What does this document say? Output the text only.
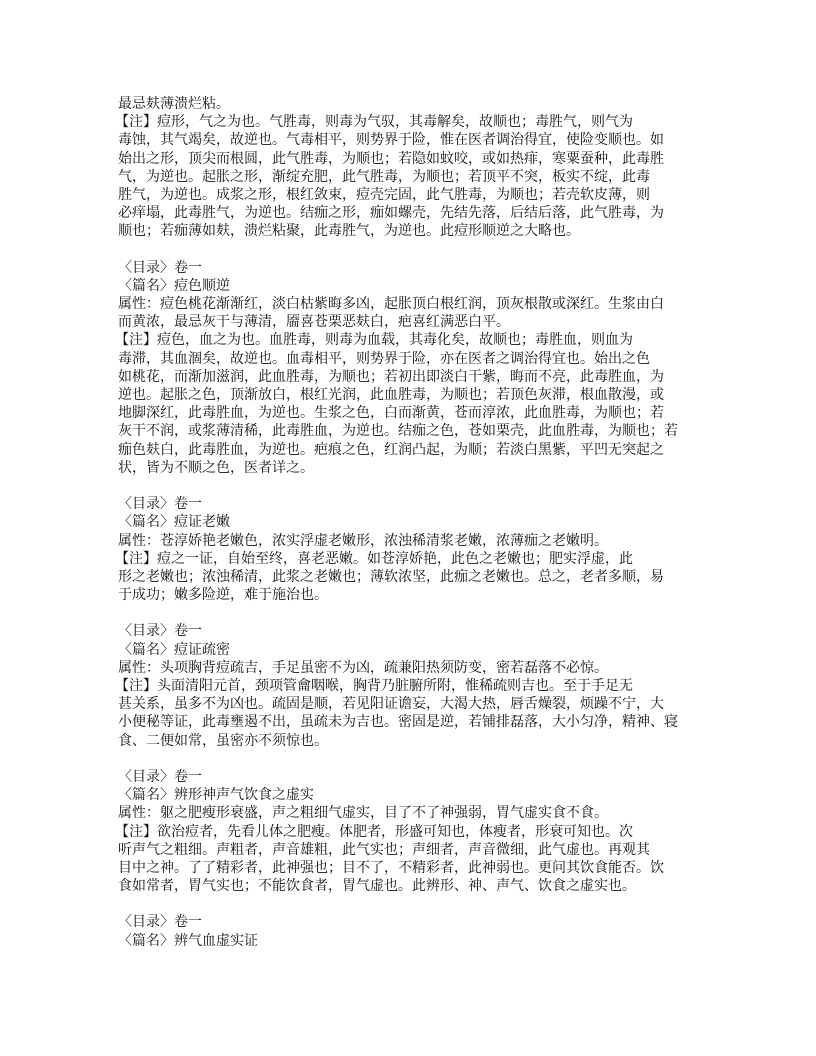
最忌麸薄溃烂粘。
【注】痘形，气之为也。气胜毒，则毒为气驭，其毒解矣，故顺也；毒胜气，则气为
毒蚀，其气竭矣，故逆也。气毒相平，则势界于险，惟在医者调治得宜，使险变顺也。如
始出之形，顶尖而根圆，此气胜毒，为顺也；若隐如蚊咬，或如热痱，寒粟蚕种，此毒胜
气，为逆也。起胀之形，渐绽充肥，此气胜毒，为顺也；若顶平不突，板实不绽，此毒
胜气，为逆也。成浆之形，根红敛束，痘壳完固，此气胜毒，为顺也；若壳软皮薄，则
必痒塌，此毒胜气，为逆也。结痂之形，痂如螺壳，先结先落，后结后落，此气胜毒，为
顺也；若痂薄如麸，溃烂粘聚，此毒胜气，为逆也。此痘形顺逆之大略也。
〈目录〉卷一
〈篇名〉痘色顺逆
属性：痘色桃花渐渐红，淡白枯紫晦多凶，起胀顶白根红润，顶灰根散或深红。生浆由白
而黄浓，最忌灰干与薄清，靥喜苍栗恶麸白，疤喜红满恶白平。
【注】痘色，血之为也。血胜毒，则毒为血载，其毒化矣，故顺也；毒胜血，则血为
毒滞，其血涸矣，故逆也。血毒相平，则势界于险，亦在医者之调治得宜也。始出之色
如桃花，而渐加滋润，此血胜毒，为顺也；若初出即淡白干紫，晦而不亮，此毒胜血，为
逆也。起胀之色，顶渐放白，根红光润，此血胜毒，为顺也；若顶色灰滞，根血散漫，或
地脚深红，此毒胜血，为逆也。生浆之色，白而渐黄，苍而淳浓，此血胜毒，为顺也；若
灰干不润，或浆薄清稀，此毒胜血，为逆也。结痂之色，苍如栗壳，此血胜毒，为顺也；若
痂色麸白，此毒胜血，为逆也。疤痕之色，红润凸起，为顺；若淡白黑紫，平凹无突起之
状，皆为不顺之色，医者详之。
〈目录〉卷一
〈篇名〉痘证老嫩
属性：苍淳娇艳老嫩色，浓实浮虚老嫩形，浓浊稀清浆老嫩，浓薄痂之老嫩明。
【注】痘之一证，自始至终，喜老恶嫩。如苍淳娇艳，此色之老嫩也；肥实浮虚，此
形之老嫩也；浓浊稀清，此浆之老嫩也；薄软浓坚，此痂之老嫩也。总之，老者多顺，易
于成功；嫩多险逆，难于施治也。
〈目录〉卷一
〈篇名〉痘证疏密
属性：头项胸背痘疏吉，手足虽密不为凶，疏兼阳热须防变，密若磊落不必惊。
【注】头面清阳元首，颈项管龠咽喉，胸背乃脏腑所附，惟稀疏则吉也。至于手足无
甚关系，虽多不为凶也。疏固是顺，若见阳证谵妄，大渴大热，唇舌燥裂，烦躁不宁，大
小便秘等证，此毒壅遏不出，虽疏未为吉也。密固是逆，若铺排磊落，大小匀净，精神、寝
食、二便如常，虽密亦不须惊也。
〈目录〉卷一
〈篇名〉辨形神声气饮食之虚实
属性：躯之肥瘦形衰盛，声之粗细气虚实，目了不了神强弱，胃气虚实食不食。
【注】欲治痘者，先看儿体之肥瘦。体肥者，形盛可知也，体瘦者，形衰可知也。次
听声气之粗细。声粗者，声音雄粗，此气实也；声细者，声音微细，此气虚也。再观其
目中之神。了了精彩者，此神强也；目不了，不精彩者，此神弱也。更问其饮食能否。饮
食如常者，胃气实也；不能饮食者，胃气虚也。此辨形、神、声气、饮食之虚实也。
〈目录〉卷一
〈篇名〉辨气血虚实证
